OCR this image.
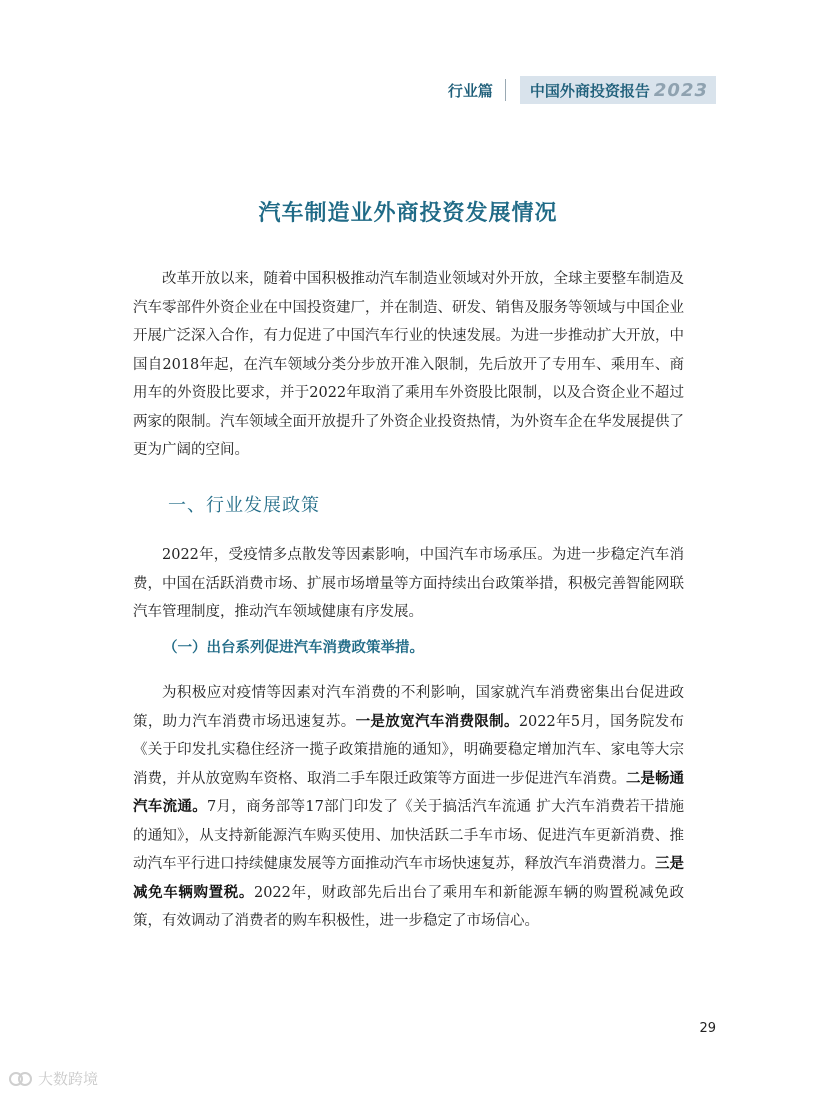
行业篇	中国外商投资报告 2023
汽车制造业外商投资发展情况

改革开放以来，随着中国积极推动汽车制造业领域对外开放，全球主要整车制造及汽车零部件外资企业在中国投资建厂，并在制造、研发、销售及服务等领域与中国企业开展广泛深入合作，有力促进了中国汽车行业的快速发展。为进一步推动扩大开放，中国自2018年起，在汽车领域分类分步放开准入限制，先后放开了专用车、乘用车、商用车的外资股比要求，并于2022年取消了乘用车外资股比限制，以及合资企业不超过两家的限制。汽车领域全面开放提升了外资企业投资热情，为外资车企在华发展提供了更为广阔的空间。

一、行业发展政策

2022年，受疫情多点散发等因素影响，中国汽车市场承压。为进一步稳定汽车消费，中国在活跃消费市场、扩展市场增量等方面持续出台政策举措，积极完善智能网联汽车管理制度，推动汽车领域健康有序发展。

（一）出台系列促进汽车消费政策举措。

为积极应对疫情等因素对汽车消费的不利影响，国家就汽车消费密集出台促进政策，助力汽车消费市场迅速复苏。一是放宽汽车消费限制。2022年5月，国务院发布《关于印发扎实稳住经济一揽子政策措施的通知》，明确要稳定增加汽车、家电等大宗消费，并从放宽购车资格、取消二手车限迁政策等方面进一步促进汽车消费。二是畅通汽车流通。7月，商务部等17部门印发了《关于搞活汽车流通 扩大汽车消费若干措施的通知》，从支持新能源汽车购买使用、加快活跃二手车市场、促进汽车更新消费、推动汽车平行进口持续健康发展等方面推动汽车市场快速复苏，释放汽车消费潜力。三是减免车辆购置税。2022年，财政部先后出台了乘用车和新能源车辆的购置税减免政策，有效调动了消费者的购车积极性，进一步稳定了市场信心。

29
大数跨境
